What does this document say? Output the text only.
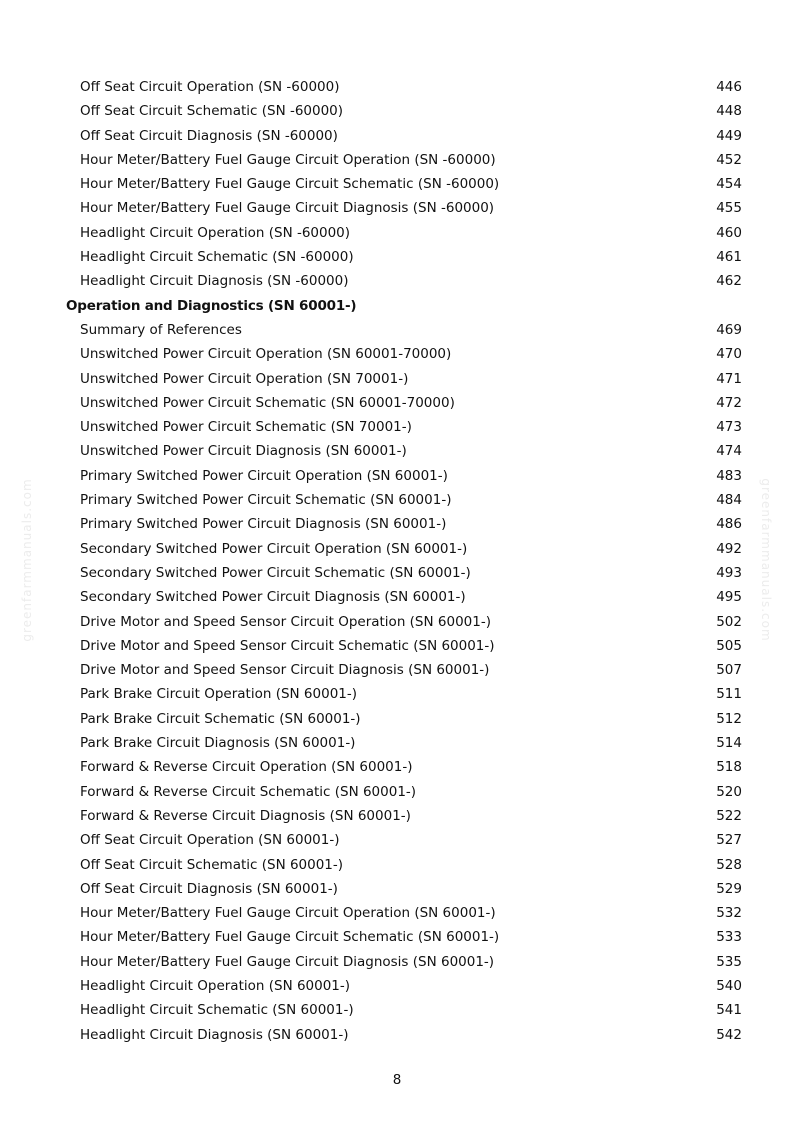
greenfarmmanuals.com	greenfarmmanuals.com
Off Seat Circuit Operation (SN -60000)	446
Off Seat Circuit Schematic (SN -60000)	448
Off Seat Circuit Diagnosis (SN -60000)	449
Hour Meter/Battery Fuel Gauge Circuit Operation (SN -60000)	452
Hour Meter/Battery Fuel Gauge Circuit Schematic (SN -60000)	454
Hour Meter/Battery Fuel Gauge Circuit Diagnosis (SN -60000)	455
Headlight Circuit Operation (SN -60000)	460
Headlight Circuit Schematic (SN -60000)	461
Headlight Circuit Diagnosis (SN -60000)	462
Operation and Diagnostics (SN 60001-)
Summary of References	469
Unswitched Power Circuit Operation (SN 60001-70000)	470
Unswitched Power Circuit Operation (SN 70001-)	471
Unswitched Power Circuit Schematic (SN 60001-70000)	472
Unswitched Power Circuit Schematic (SN 70001-)	473
Unswitched Power Circuit Diagnosis (SN 60001-)	474
Primary Switched Power Circuit Operation (SN 60001-)	483
Primary Switched Power Circuit Schematic (SN 60001-)	484
Primary Switched Power Circuit Diagnosis (SN 60001-)	486
Secondary Switched Power Circuit Operation (SN 60001-)	492
Secondary Switched Power Circuit Schematic (SN 60001-)	493
Secondary Switched Power Circuit Diagnosis (SN 60001-)	495
Drive Motor and Speed Sensor Circuit Operation (SN 60001-)	502
Drive Motor and Speed Sensor Circuit Schematic (SN 60001-)	505
Drive Motor and Speed Sensor Circuit Diagnosis (SN 60001-)	507
Park Brake Circuit Operation (SN 60001-)	511
Park Brake Circuit Schematic (SN 60001-)	512
Park Brake Circuit Diagnosis (SN 60001-)	514
Forward & Reverse Circuit Operation (SN 60001-)	518
Forward & Reverse Circuit Schematic (SN 60001-)	520
Forward & Reverse Circuit Diagnosis (SN 60001-)	522
Off Seat Circuit Operation (SN 60001-)	527
Off Seat Circuit Schematic (SN 60001-)	528
Off Seat Circuit Diagnosis (SN 60001-)	529
Hour Meter/Battery Fuel Gauge Circuit Operation (SN 60001-)	532
Hour Meter/Battery Fuel Gauge Circuit Schematic (SN 60001-)	533
Hour Meter/Battery Fuel Gauge Circuit Diagnosis (SN 60001-)	535
Headlight Circuit Operation (SN 60001-)	540
Headlight Circuit Schematic (SN 60001-)	541
Headlight Circuit Diagnosis (SN 60001-)	542
8
